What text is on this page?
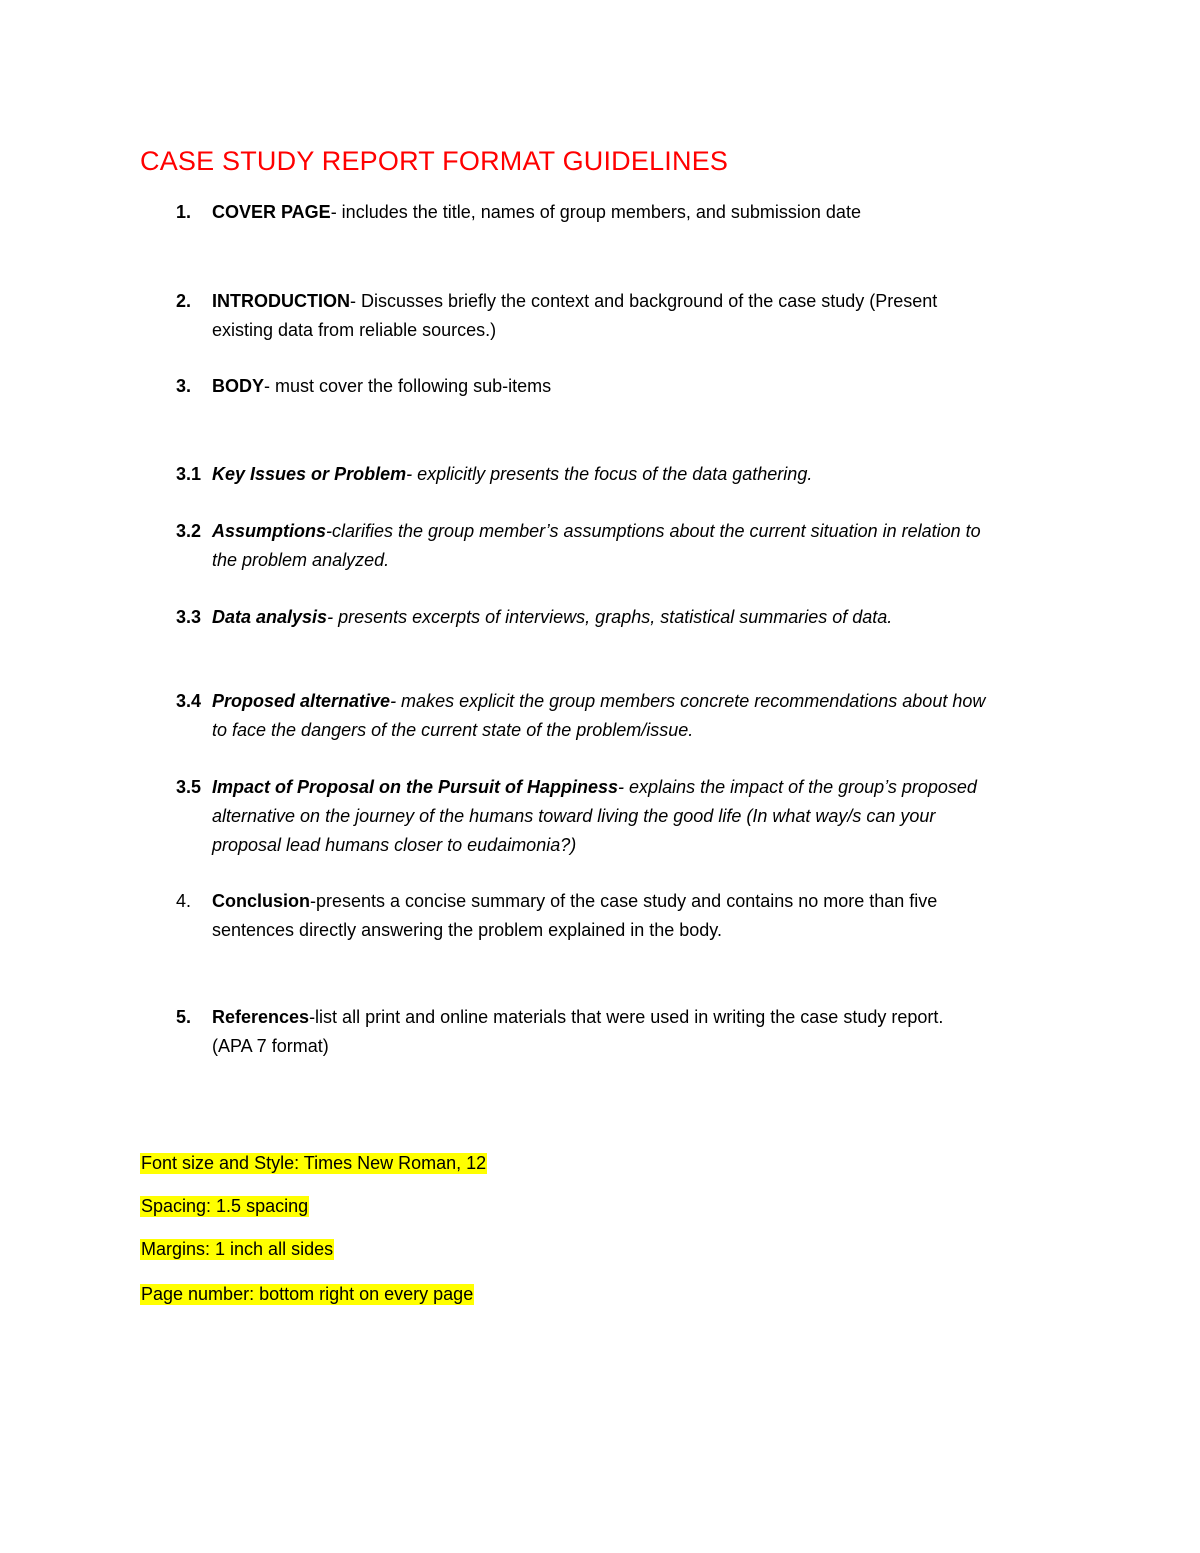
CASE STUDY REPORT FORMAT GUIDELINES
1.	COVER PAGE- includes the title, names of group members, and submission date
2.	INTRODUCTION- Discusses briefly the context and background of the case study (Present
existing data from reliable sources.)
3.	BODY- must cover the following sub-items
3.1 Key Issues or Problem- explicitly presents the focus of the data gathering.
3.2 Assumptions-clarifies the group member’s assumptions about the current situation in relation to
the problem analyzed.
3.3 Data analysis- presents excerpts of interviews, graphs, statistical summaries of data.
3.4 Proposed alternative- makes explicit the group members concrete recommendations about how
to face the dangers of the current state of the problem/issue.
3.5 Impact of Proposal on the Pursuit of Happiness- explains the impact of the group’s proposed
alternative on the journey of the humans toward living the good life (In what way/s can your
proposal lead humans closer to eudaimonia?)
4.	Conclusion-presents a concise summary of the case study and contains no more than five
sentences directly answering the problem explained in the body.
5.	References-list all print and online materials that were used in writing the case study report.
(APA 7 format)
Font size and Style: Times New Roman, 12
Spacing: 1.5 spacing
Margins: 1 inch all sides
Page number: bottom right on every page
